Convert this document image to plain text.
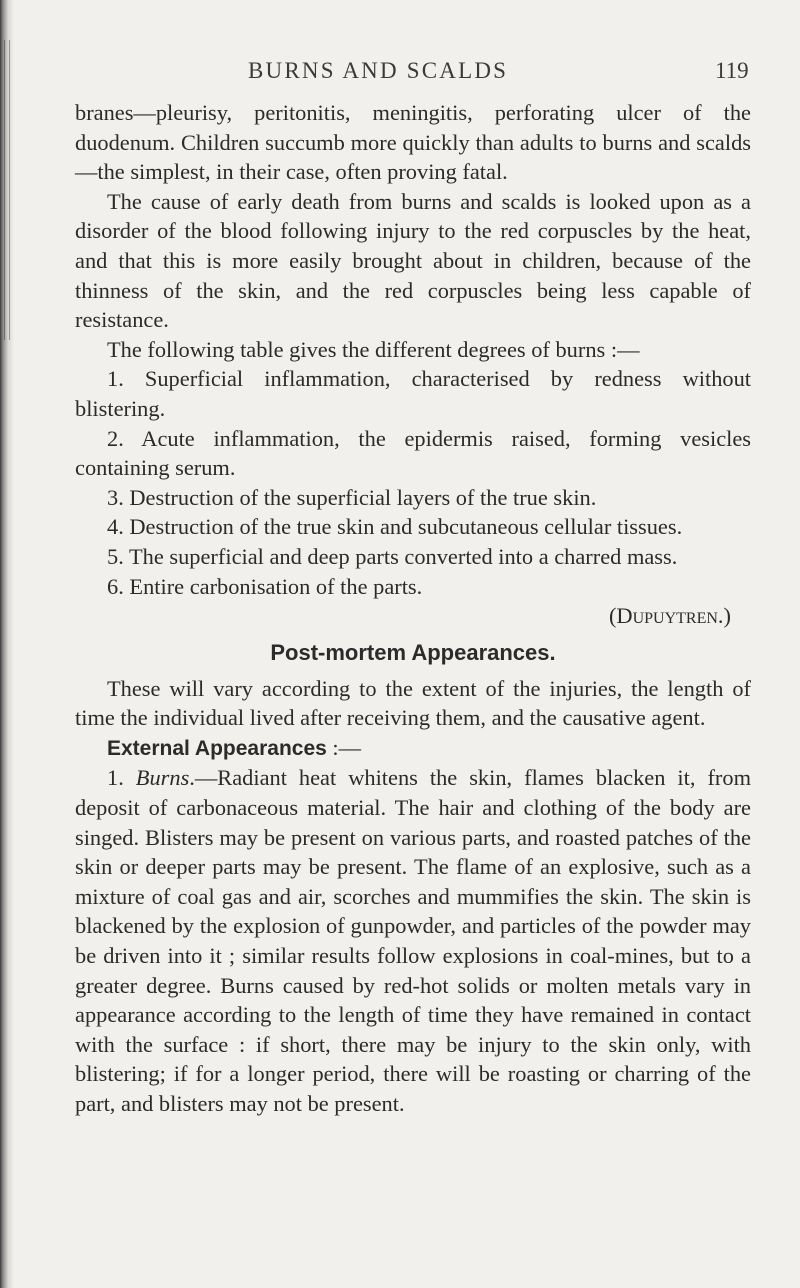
BURNS AND SCALDS	119

branes—pleurisy, peritonitis, meningitis, perforating ulcer of the duodenum. Children succumb more quickly than adults to burns and scalds—the simplest, in their case, often proving fatal.

The cause of early death from burns and scalds is looked upon as a disorder of the blood following injury to the red corpuscles by the heat, and that this is more easily brought about in children, because of the thinness of the skin, and the red corpuscles being less capable of resistance.

The following table gives the different degrees of burns :—

1. Superficial inflammation, characterised by redness without blistering.

2. Acute inflammation, the epidermis raised, forming vesicles containing serum.

3. Destruction of the superficial layers of the true skin.

4. Destruction of the true skin and subcutaneous cellular tissues.

5. The superficial and deep parts converted into a charred mass.

6. Entire carbonisation of the parts.

(Dupuytren.)

Post-mortem Appearances.

These will vary according to the extent of the injuries, the length of time the individual lived after receiving them, and the causative agent.

External Appearances :—

1. Burns.—Radiant heat whitens the skin, flames blacken it, from deposit of carbonaceous material. The hair and clothing of the body are singed. Blisters may be present on various parts, and roasted patches of the skin or deeper parts may be present. The flame of an explosive, such as a mixture of coal gas and air, scorches and mummifies the skin. The skin is blackened by the explosion of gunpowder, and particles of the powder may be driven into it ; similar results follow explosions in coal-mines, but to a greater degree. Burns caused by red-hot solids or molten metals vary in appearance according to the length of time they have remained in contact with the surface : if short, there may be injury to the skin only, with blistering; if for a longer period, there will be roasting or charring of the part, and blisters may not be present.
